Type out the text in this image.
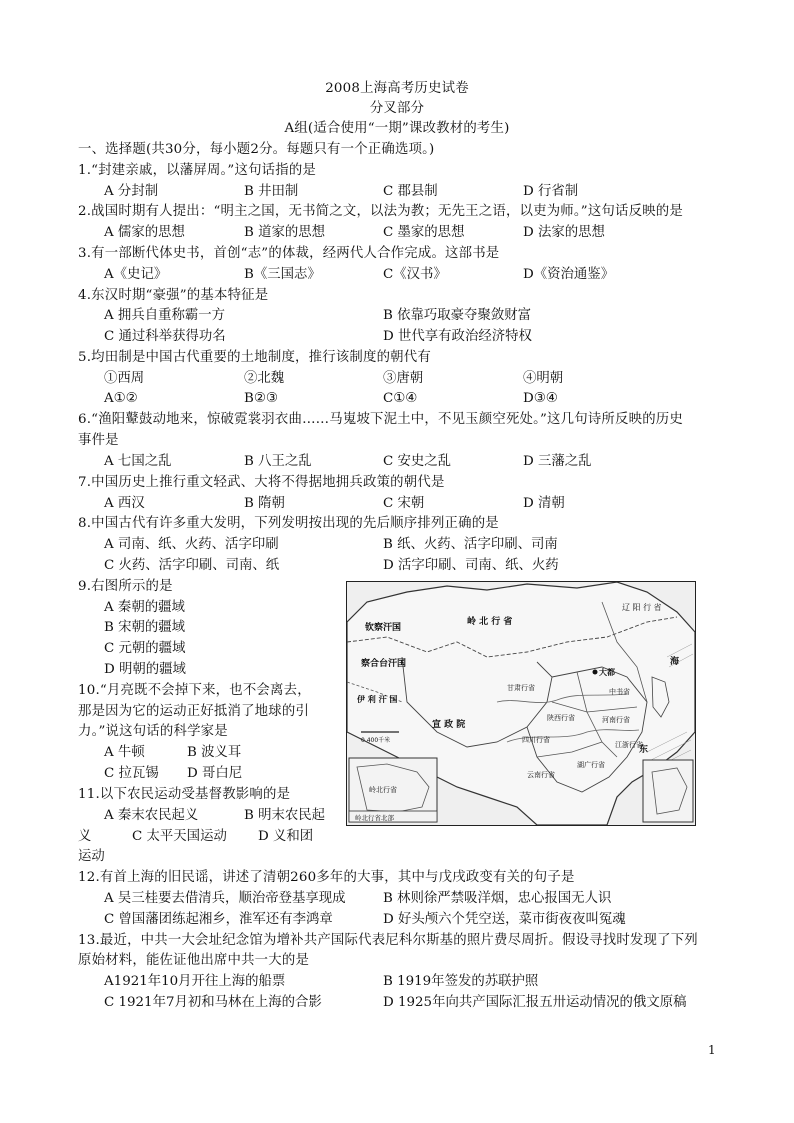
2008上海高考历史试卷
分叉部分
A组(适合使用“一期”课改教材的考生)
一、选择题(共30分，每小题2分。每题只有一个正确选项。)
1.“封建亲戚，以藩屏周。”这句话指的是
A 分封制	B 井田制	C 郡县制	D 行省制
2.战国时期有人提出：“明主之国，无书简之文，以法为教；无先王之语，以吏为师。”这句话反映的是
A 儒家的思想	B 道家的思想	C 墨家的思想	D 法家的思想
3.有一部断代体史书，首创“志”的体裁，经两代人合作完成。这部书是
A《史记》	B《三国志》	C《汉书》	D《资治通鉴》
4.东汉时期“豪强”的基本特征是
A 拥兵自重称霸一方	B 依靠巧取豪夺聚敛财富
C 通过科举获得功名	D 世代享有政治经济特权
5.均田制是中国古代重要的土地制度，推行该制度的朝代有
①西周	②北魏	③唐朝	④明朝
A①②	B②③	C①④	D③④
6.“渔阳鼙鼓动地来，惊破霓裳羽衣曲……马嵬坡下泥土中，不见玉颜空死处。”这几句诗所反映的历史
事件是
A 七国之乱	B 八王之乱	C 安史之乱	D 三藩之乱
7.中国历史上推行重文轻武、大将不得据地拥兵政策的朝代是
A 西汉	B 隋朝	C 宋朝	D 清朝
8.中国古代有许多重大发明，下列发明按出现的先后顺序排列正确的是
A 司南、纸、火药、活字印刷	B 纸、火药、活字印刷、司南
C 火药、活字印刷、司南、纸	D 活字印刷、司南、纸、火药
9.右图所示的是
A 秦朝的疆域
B 宋朝的疆域
C 元朝的疆域
D 明朝的疆域
10.“月亮既不会掉下来，也不会离去，
那是因为它的运动正好抵消了地球的引
力。”说这句话的科学家是
A 牛顿	B 波义耳
C 拉瓦锡 D 哥白尼
11.以下农民运动受基督教影响的是
A 秦末农民起义	B 明末农民起
义	C 太平天国运动 D 义和团
运动
12.有首上海的旧民谣，讲述了清朝260多年的大事，其中与戊戌政变有关的句子是
A 吴三桂要去借清兵，顺治帝登基享现成	B 林则徐严禁吸洋烟，忠心报国无人识
C 曾国藩团练起湘乡，淮军还有李鸿章	D 好头颅六个凭空送，菜市街夜夜叫冤魂
13.最近，中共一大会址纪念馆为增补共产国际代表尼科尔斯基的照片费尽周折。假设寻找时发现了下列
原始材料，能佐证他出席中共一大的是
A1921年10月开往上海的船票	B 1919年签发的苏联护照
C 1921年7月初和马林在上海的合影	D 1925年向共产国际汇报五卅运动情况的俄文原稿
钦察汗国
岭 北 行 省
辽 阳 行 省
察合台汗国
伊 利 汗 国
宣 政 院
甘肃行省
大都
陕西行省	河南行省
四川行省
云南行省
湖广行省
江浙行省
中书省
0 400千米
岭北行省北部
岭北行省
东
海
1
